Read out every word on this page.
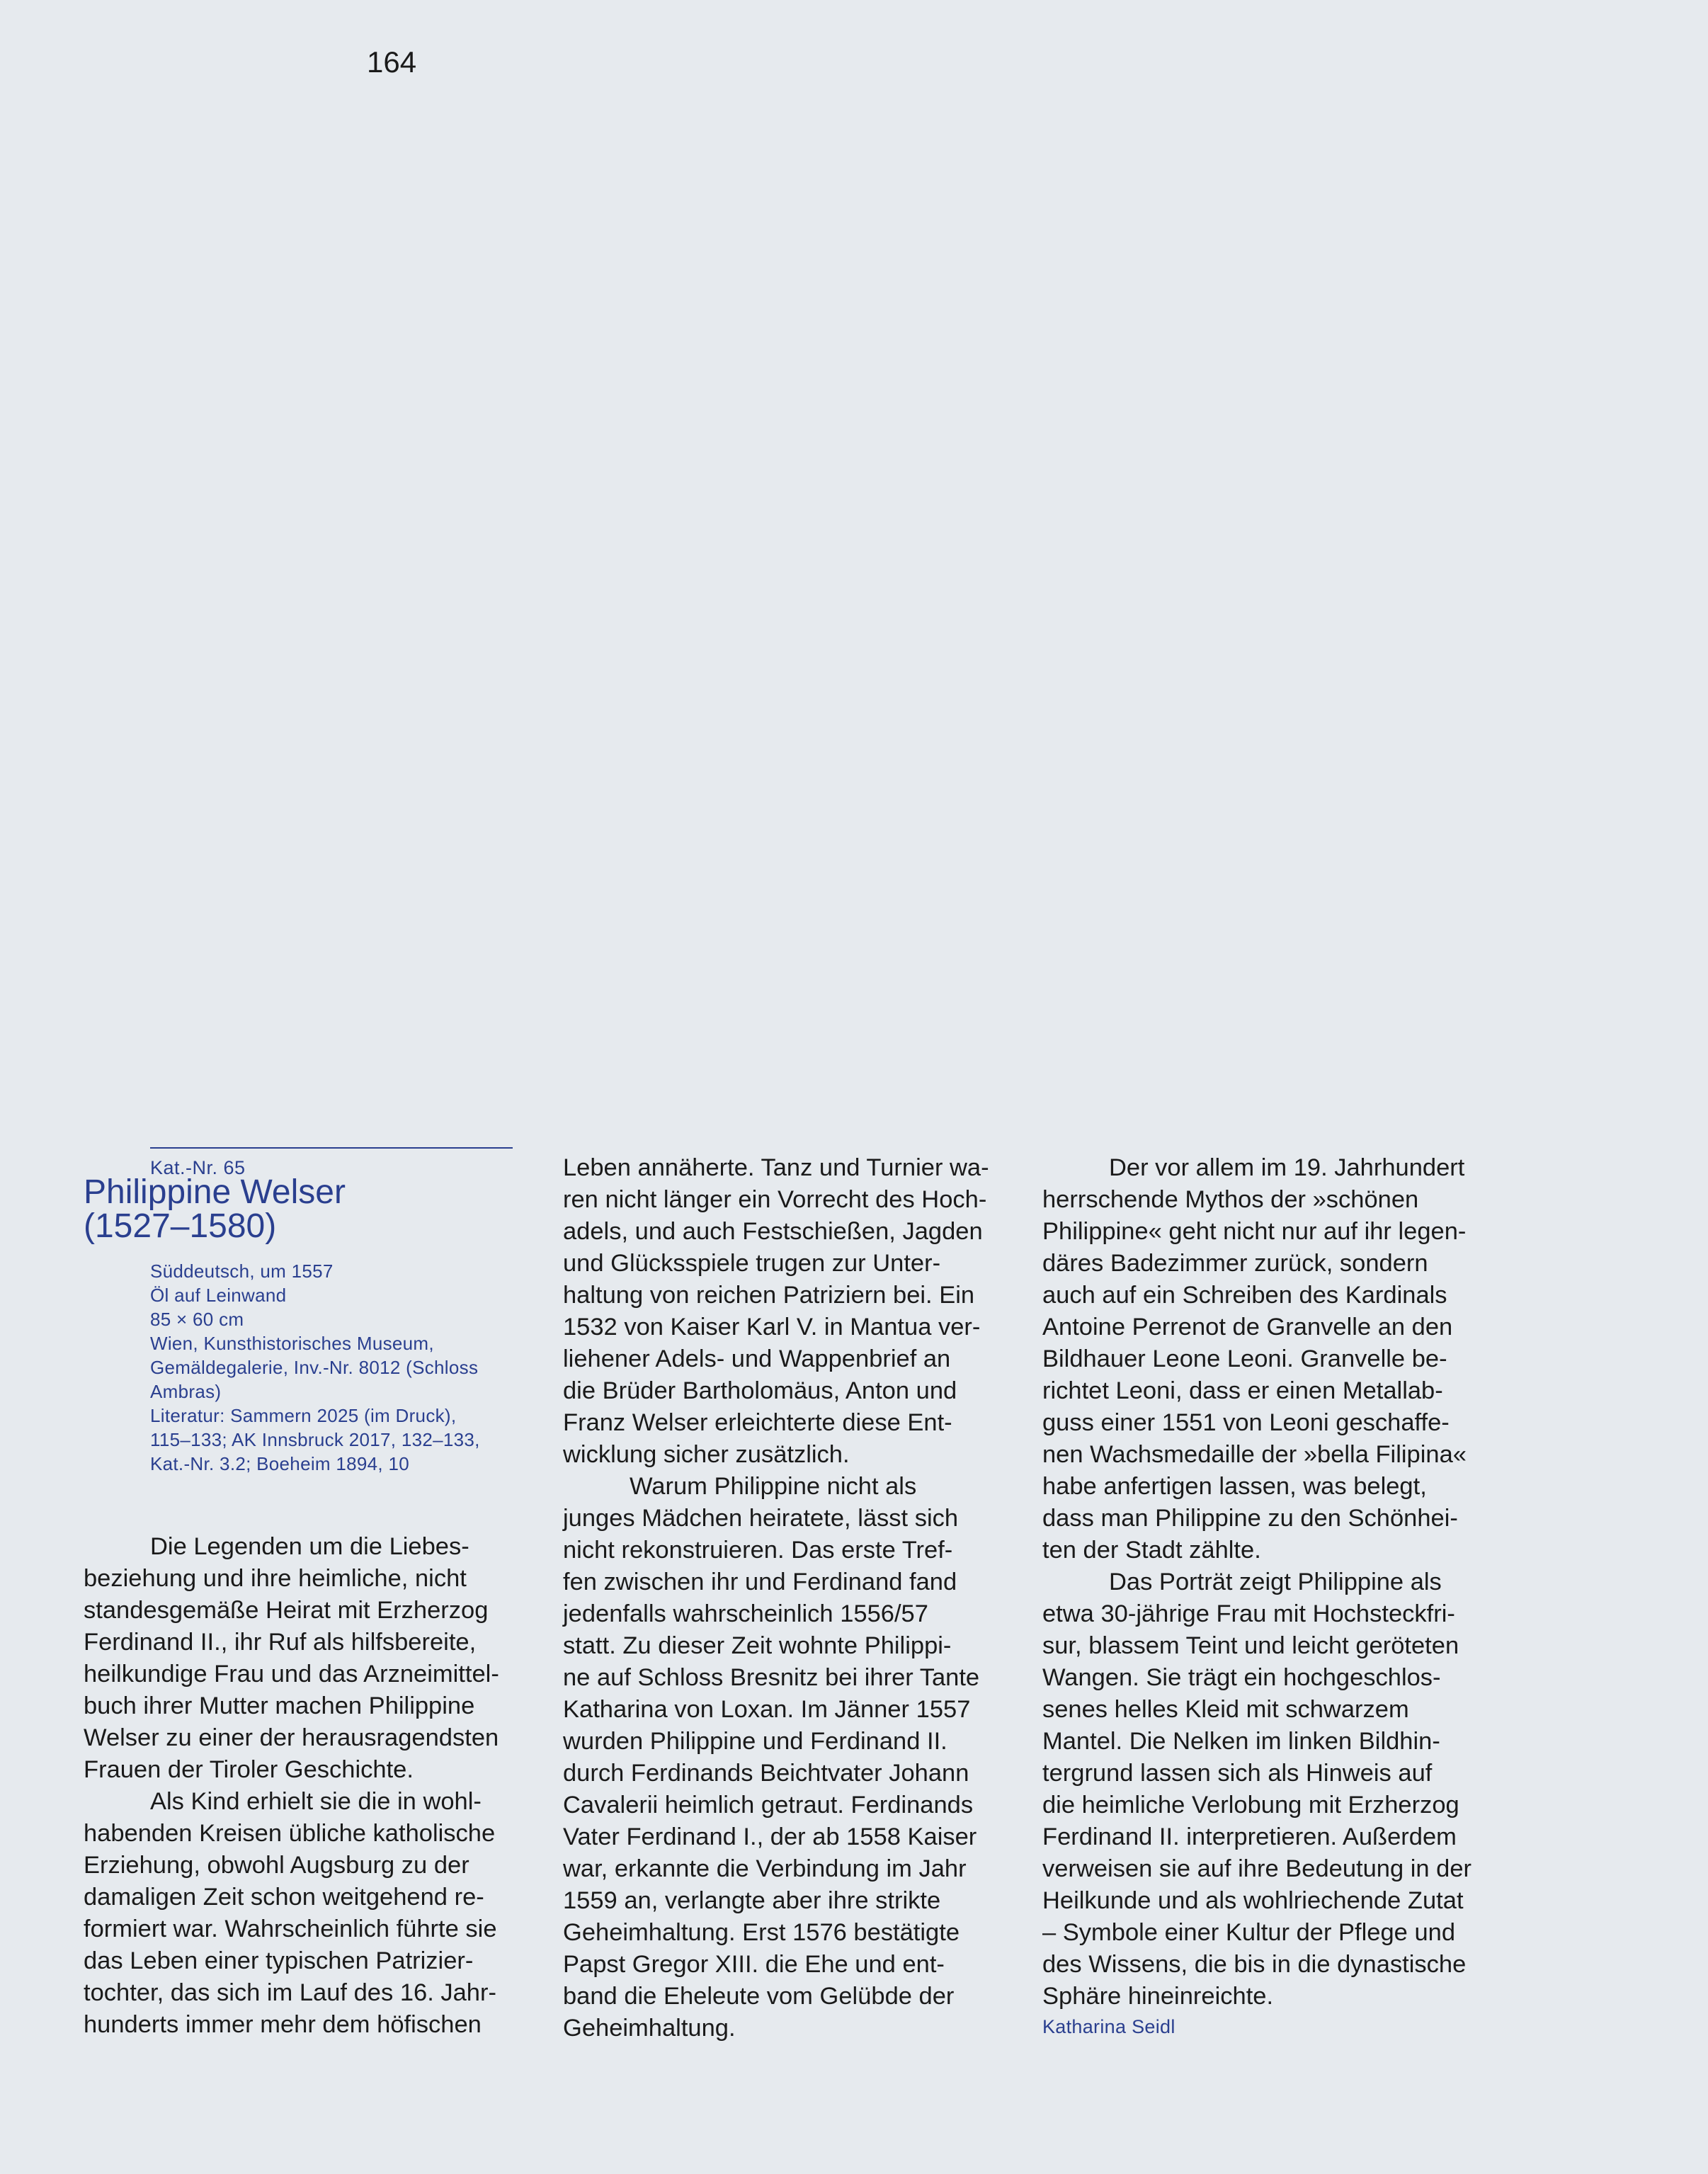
164
Kat.-Nr. 65
Philippine Welser
(1527–1580)
Süddeutsch, um 1557
Öl auf Leinwand
85 × 60 cm
Wien, Kunsthistorisches Museum,
Gemäldegalerie, Inv.-Nr. 8012 (Schloss
Ambras)
Literatur: Sammern 2025 (im Druck),
115–133; AK Innsbruck 2017, 132–133,
Kat.-Nr. 3.2; Boeheim 1894, 10
Die Legenden um die Liebes-
beziehung und ihre heimliche, nicht
standesgemäße Heirat mit Erzherzog
Ferdinand II., ihr Ruf als hilfsbereite,
heilkundige Frau und das Arzneimittel-
buch ihrer Mutter machen Philippine
Welser zu einer der herausragendsten
Frauen der Tiroler Geschichte.
Als Kind erhielt sie die in wohl-
habenden Kreisen übliche katholische
Erziehung, obwohl Augsburg zu der
damaligen Zeit schon weitgehend re-
formiert war. Wahrscheinlich führte sie
das Leben einer typischen Patrizier-
tochter, das sich im Lauf des 16. Jahr-
hunderts immer mehr dem höfischen
Leben annäherte. Tanz und Turnier wa-
ren nicht länger ein Vorrecht des Hoch-
adels, und auch Festschießen, Jagden
und Glücksspiele trugen zur Unter-
haltung von reichen Patriziern bei. Ein
1532 von Kaiser Karl V. in Mantua ver-
liehener Adels- und Wappenbrief an
die Brüder Bartholomäus, Anton und
Franz Welser erleichterte diese Ent-
wicklung sicher zusätzlich.
Warum Philippine nicht als
junges Mädchen heiratete, lässt sich
nicht rekonstruieren. Das erste Tref-
fen zwischen ihr und Ferdinand fand
jedenfalls wahrscheinlich 1556/57
statt. Zu dieser Zeit wohnte Philippi-
ne auf Schloss Bresnitz bei ihrer Tante
Katharina von Loxan. Im Jänner 1557
wurden Philippine und Ferdinand II.
durch Ferdinands Beichtvater Johann
Cavalerii heimlich getraut. Ferdinands
Vater Ferdinand I., der ab 1558 Kaiser
war, erkannte die Verbindung im Jahr
1559 an, verlangte aber ihre strikte
Geheimhaltung. Erst 1576 bestätigte
Papst Gregor XIII. die Ehe und ent-
band die Eheleute vom Gelübde der
Geheimhaltung.
Der vor allem im 19. Jahrhundert
herrschende Mythos der »schönen
Philippine« geht nicht nur auf ihr legen-
däres Badezimmer zurück, sondern
auch auf ein Schreiben des Kardinals
Antoine Perrenot de Granvelle an den
Bildhauer Leone Leoni. Granvelle be-
richtet Leoni, dass er einen Metallab-
guss einer 1551 von Leoni geschaffe-
nen Wachsmedaille der »bella Filipina«
habe anfertigen lassen, was belegt,
dass man Philippine zu den Schönhei-
ten der Stadt zählte.
Das Porträt zeigt Philippine als
etwa 30-jährige Frau mit Hochsteckfri-
sur, blassem Teint und leicht geröteten
Wangen. Sie trägt ein hochgeschlos-
senes helles Kleid mit schwarzem
Mantel. Die Nelken im linken Bildhin-
tergrund lassen sich als Hinweis auf
die heimliche Verlobung mit Erzherzog
Ferdinand II. interpretieren. Außerdem
verweisen sie auf ihre Bedeutung in der
Heilkunde und als wohlriechende Zutat
– Symbole einer Kultur der Pflege und
des Wissens, die bis in die dynastische
Sphäre hineinreichte.
Katharina Seidl
